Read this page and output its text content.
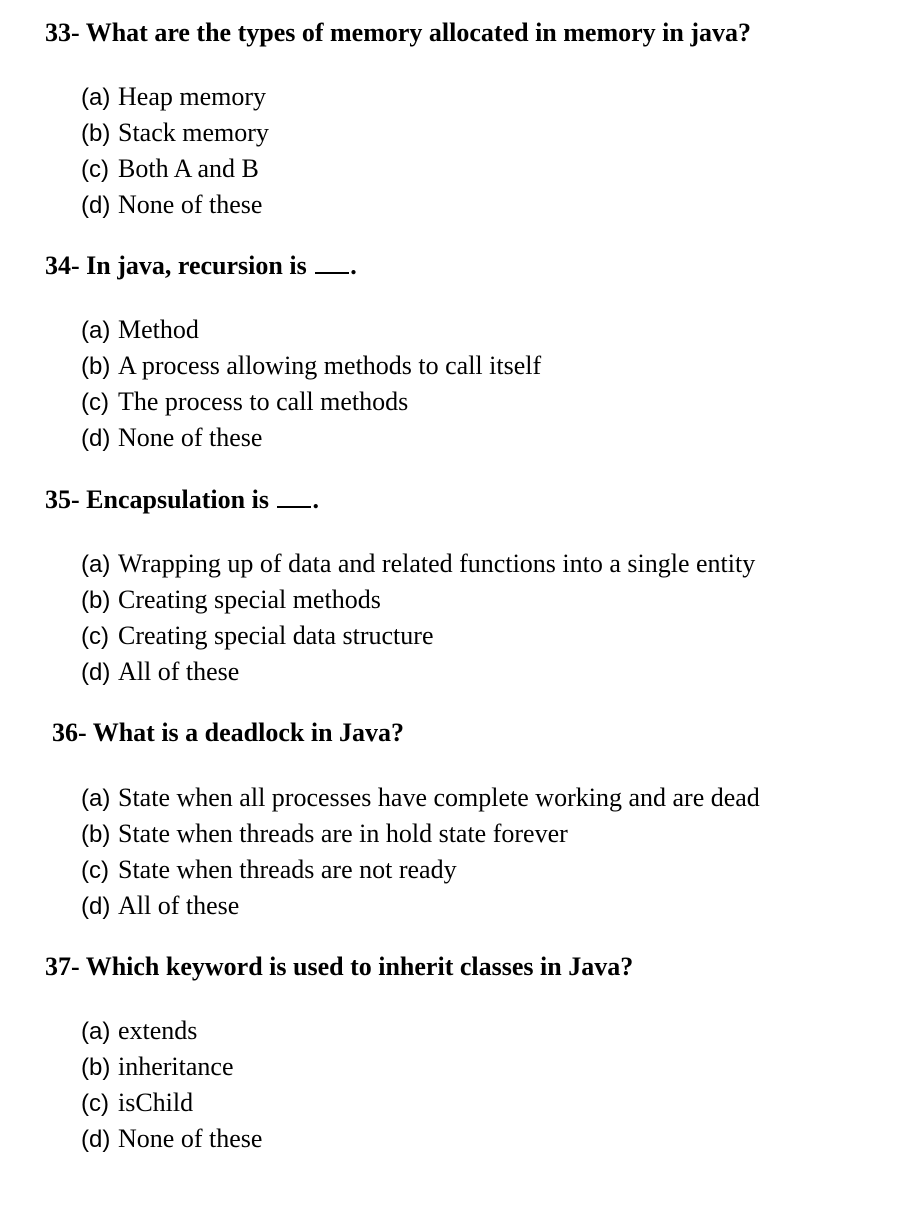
33- What are the types of memory allocated in memory in java?
(a) Heap memory
(b) Stack memory
(c) Both A and B
(d) None of these
34- In java, recursion is .
(a) Method
(b) A process allowing methods to call itself
(c) The process to call methods
(d) None of these
35- Encapsulation is .
(a) Wrapping up of data and related functions into a single entity
(b) Creating special methods
(c) Creating special data structure
(d) All of these
36- What is a deadlock in Java?
(a) State when all processes have complete working and are dead
(b) State when threads are in hold state forever
(c) State when threads are not ready
(d) All of these
37- Which keyword is used to inherit classes in Java?
(a) extends
(b) inheritance
(c) isChild
(d) None of these
